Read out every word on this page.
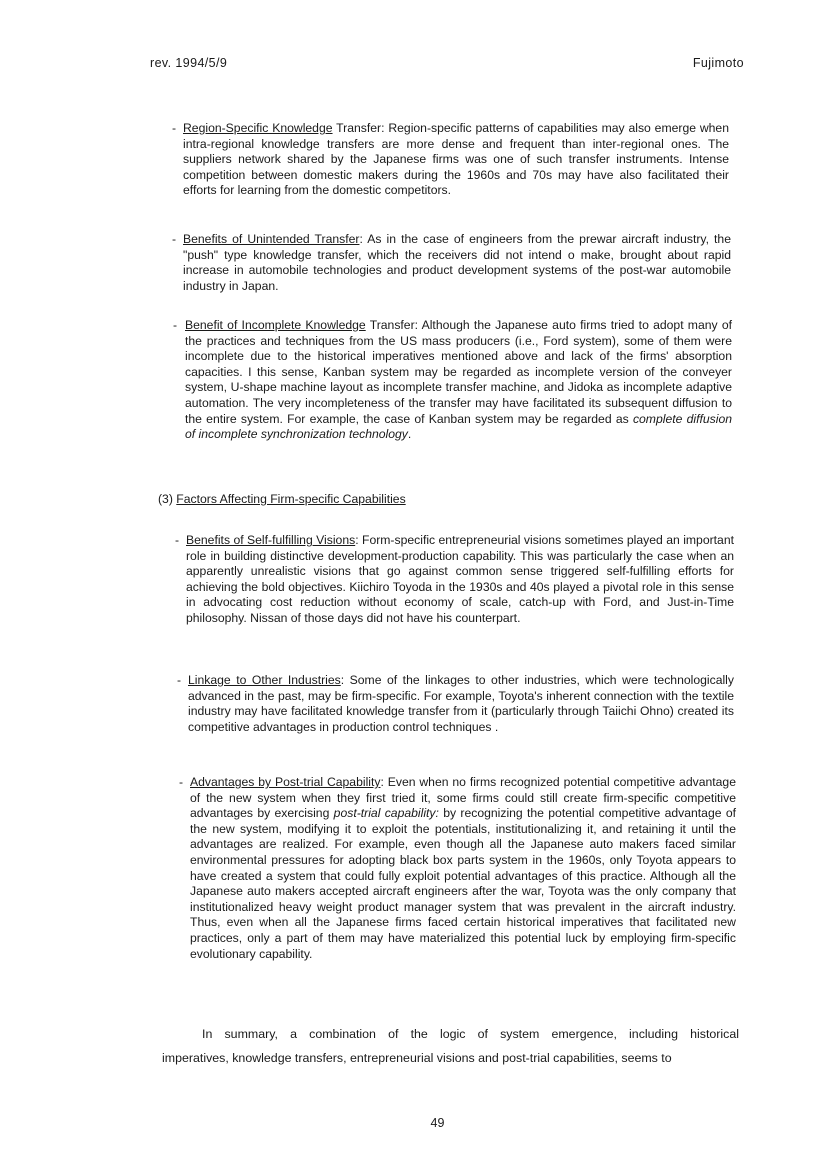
rev. 1994/5/9	Fujimoto
- Region-Specific Knowledge Transfer: Region-specific patterns of capabilities may also emerge when intra-regional knowledge transfers are more dense and frequent than inter-regional ones. The suppliers network shared by the Japanese firms was one of such transfer instruments. Intense competition between domestic makers during the 1960s and 70s may have also facilitated their efforts for learning from the domestic competitors.
- Benefits of Unintended Transfer: As in the case of engineers from the prewar aircraft industry, the "push" type knowledge transfer, which the receivers did not intend o make, brought about rapid increase in automobile technologies and product development systems of the post-war automobile industry in Japan.
- Benefit of Incomplete Knowledge Transfer: Although the Japanese auto firms tried to adopt many of the practices and techniques from the US mass producers (i.e., Ford system), some of them were incomplete due to the historical imperatives mentioned above and lack of the firms' absorption capacities. I this sense, Kanban system may be regarded as incomplete version of the conveyer system, U-shape machine layout as incomplete transfer machine, and Jidoka as incomplete adaptive automation. The very incompleteness of the transfer may have facilitated its subsequent diffusion to the entire system. For example, the case of Kanban system may be regarded as complete diffusion of incomplete synchronization technology.
(3) Factors Affecting Firm-specific Capabilities
- Benefits of Self-fulfilling Visions: Form-specific entrepreneurial visions sometimes played an important role in building distinctive development-production capability. This was particularly the case when an apparently unrealistic visions that go against common sense triggered self-fulfilling efforts for achieving the bold objectives. Kiichiro Toyoda in the 1930s and 40s played a pivotal role in this sense in advocating cost reduction without economy of scale, catch-up with Ford, and Just-in-Time philosophy. Nissan of those days did not have his counterpart.
- Linkage to Other Industries: Some of the linkages to other industries, which were technologically advanced in the past, may be firm-specific. For example, Toyota's inherent connection with the textile industry may have facilitated knowledge transfer from it (particularly through Taiichi Ohno) created its competitive advantages in production control techniques .
- Advantages by Post-trial Capability: Even when no firms recognized potential competitive advantage of the new system when they first tried it, some firms could still create firm-specific competitive advantages by exercising post-trial capability: by recognizing the potential competitive advantage of the new system, modifying it to exploit the potentials, institutionalizing it, and retaining it until the advantages are realized. For example, even though all the Japanese auto makers faced similar environmental pressures for adopting black box parts system in the 1960s, only Toyota appears to have created a system that could fully exploit potential advantages of this practice. Although all the Japanese auto makers accepted aircraft engineers after the war, Toyota was the only company that institutionalized heavy weight product manager system that was prevalent in the aircraft industry. Thus, even when all the Japanese firms faced certain historical imperatives that facilitated new practices, only a part of them may have materialized this potential luck by employing firm-specific evolutionary capability.
In summary, a combination of the logic of system emergence, including historical
imperatives, knowledge transfers, entrepreneurial visions and post-trial capabilities, seems to
49
